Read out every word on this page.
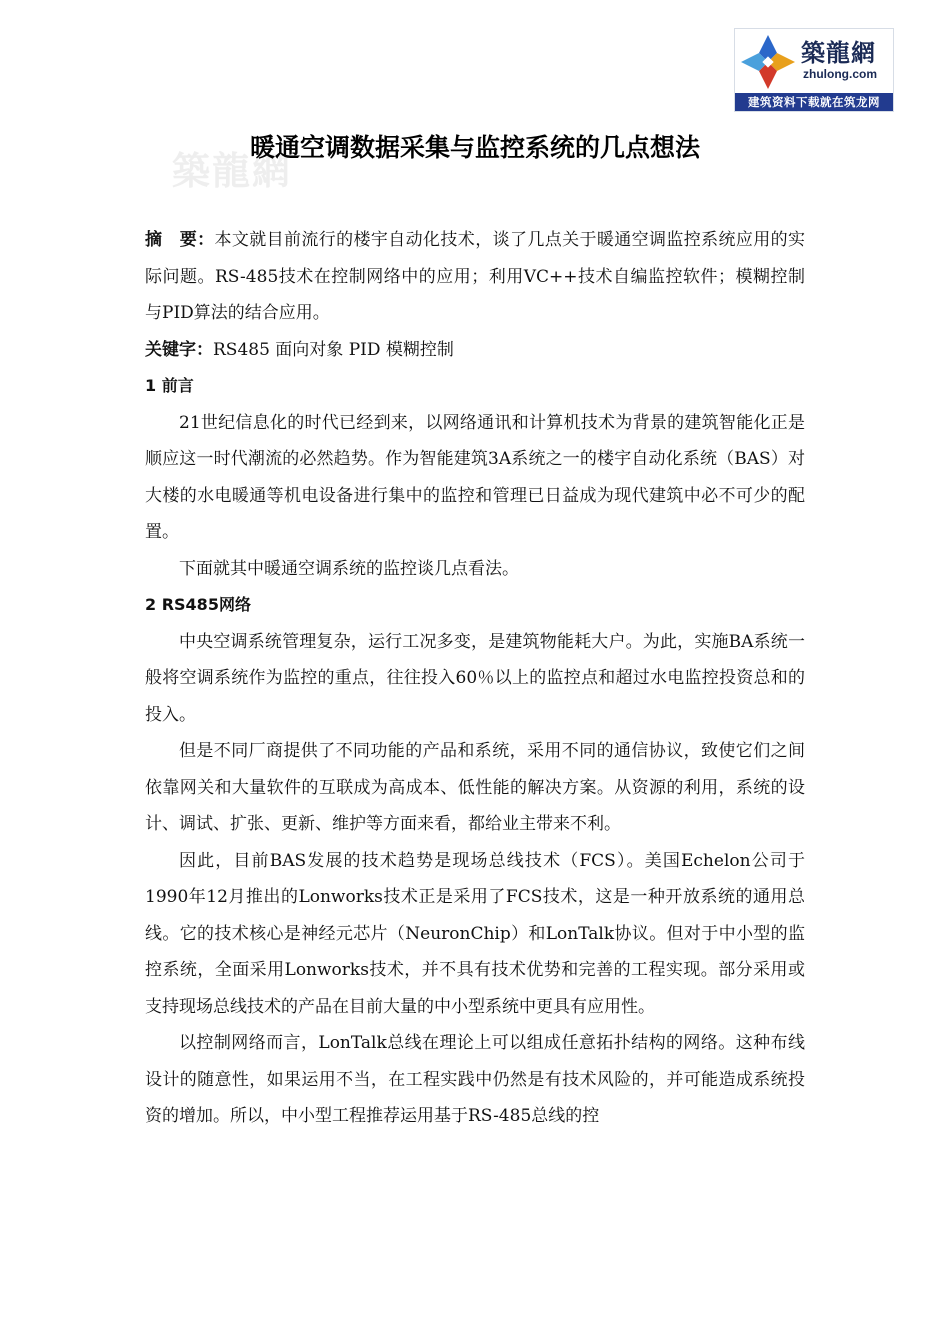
築龍網
zhulong.com
建筑资料下载就在筑龙网
築龍網
暖通空调数据采集与监控系统的几点想法

摘　要：本文就目前流行的楼宇自动化技术，谈了几点关于暖通空调监控系统应用的实际问题。RS-485技术在控制网络中的应用；利用VC++技术自编监控软件；模糊控制与PID算法的结合应用。

关键字：RS485 面向对象 PID 模糊控制

1 前言

21世纪信息化的时代已经到来，以网络通讯和计算机技术为背景的建筑智能化正是顺应这一时代潮流的必然趋势。作为智能建筑3A系统之一的楼宇自动化系统（BAS）对大楼的水电暖通等机电设备进行集中的监控和管理已日益成为现代建筑中必不可少的配置。

下面就其中暖通空调系统的监控谈几点看法。

2 RS485网络

中央空调系统管理复杂，运行工况多变，是建筑物能耗大户。为此，实施BA系统一般将空调系统作为监控的重点，往往投入60％以上的监控点和超过水电监控投资总和的投入。

但是不同厂商提供了不同功能的产品和系统，采用不同的通信协议，致使它们之间依靠网关和大量软件的互联成为高成本、低性能的解决方案。从资源的利用，系统的设计、调试、扩张、更新、维护等方面来看，都给业主带来不利。

因此，目前BAS发展的技术趋势是现场总线技术（FCS）。美国Echelon公司于1990年12月推出的Lonworks技术正是采用了FCS技术，这是一种开放系统的通用总线。它的技术核心是神经元芯片（NeuronChip）和LonTalk协议。但对于中小型的监控系统，全面采用Lonworks技术，并不具有技术优势和完善的工程实现。部分采用或支持现场总线技术的产品在目前大量的中小型系统中更具有应用性。

以控制网络而言，LonTalk总线在理论上可以组成任意拓扑结构的网络。这种布线设计的随意性，如果运用不当，在工程实践中仍然是有技术风险的，并可能造成系统投资的增加。所以，中小型工程推荐运用基于RS-485总线的控
